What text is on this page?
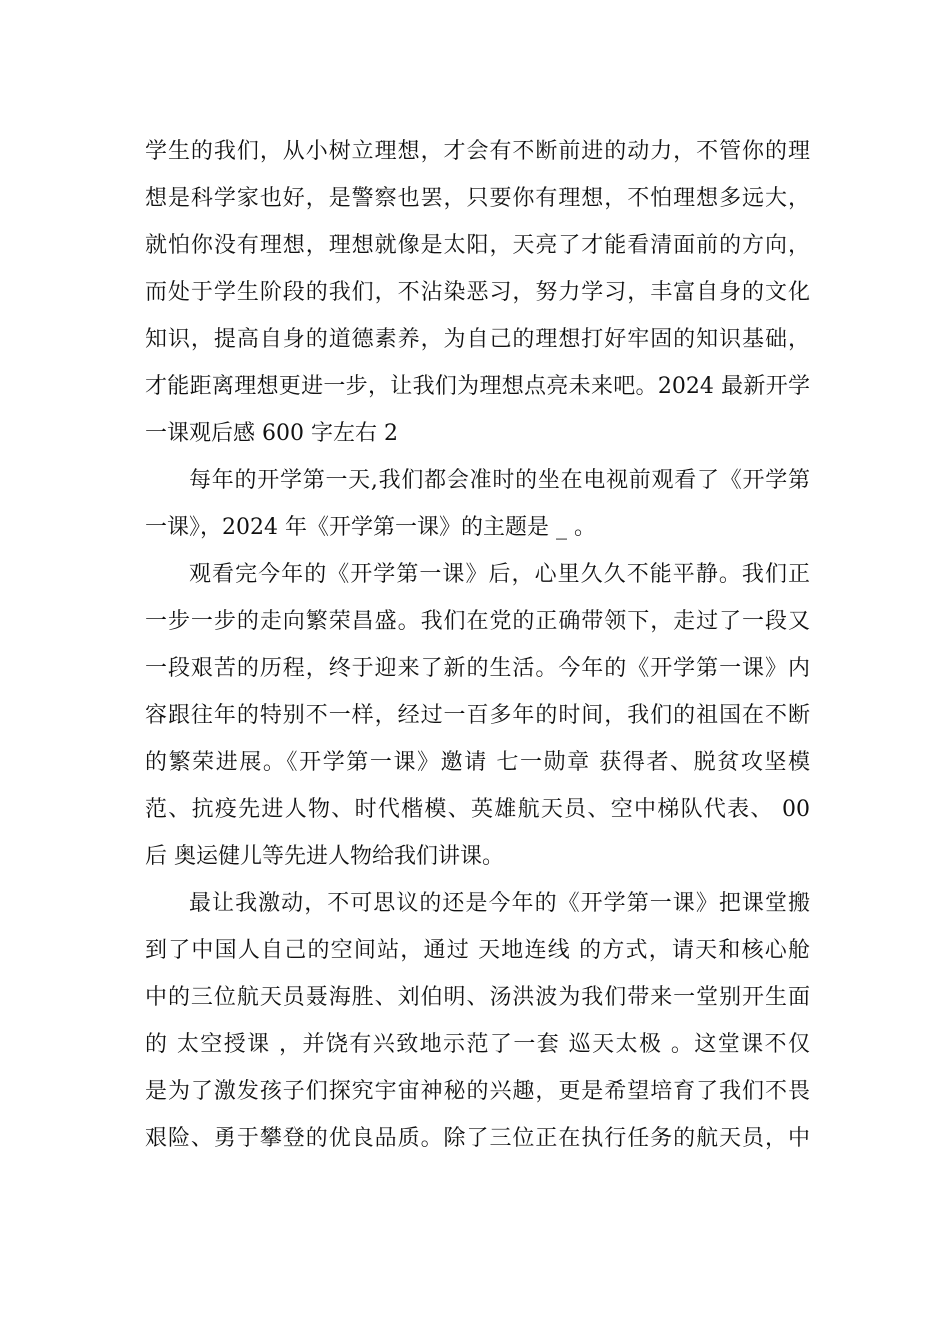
学生的我们，从小树立理想，才会有不断前进的动力，不管你的理
想是科学家也好，是警察也罢，只要你有理想，不怕理想多远大，
就怕你没有理想，理想就像是太阳，天亮了才能看清面前的方向，
而处于学生阶段的我们，不沾染恶习，努力学习，丰富自身的文化
知识，提高自身的道德素养，为自己的理想打好牢固的知识基础，
才能距离理想更进一步，让我们为理想点亮未来吧。2024 最新开学
一课观后感 600 字左右 2
每年的开学第一天,我们都会准时的坐在电视前观看了《开学第
一课》，2024 年《开学第一课》的主题是 _ 。
观看完今年的《开学第一课》后，心里久久不能平静。我们正
一步一步的走向繁荣昌盛。我们在党的正确带领下，走过了一段又
一段艰苦的历程，终于迎来了新的生活。今年的《开学第一课》内
容跟往年的特别不一样，经过一百多年的时间，我们的祖国在不断
的繁荣进展。《开学第一课》邀请 七一勋章 获得者、脱贫攻坚模
范、抗疫先进人物、时代楷模、英雄航天员、空中梯队代表、 00
后 奥运健儿等先进人物给我们讲课。
最让我激动，不可思议的还是今年的《开学第一课》把课堂搬
到了中国人自己的空间站，通过 天地连线 的方式，请天和核心舱
中的三位航天员聂海胜、刘伯明、汤洪波为我们带来一堂别开生面
的 太空授课 ，并饶有兴致地示范了一套 巡天太极 。这堂课不仅
是为了激发孩子们探究宇宙神秘的兴趣，更是希望培育了我们不畏
艰险、勇于攀登的优良品质。除了三位正在执行任务的航天员，中
